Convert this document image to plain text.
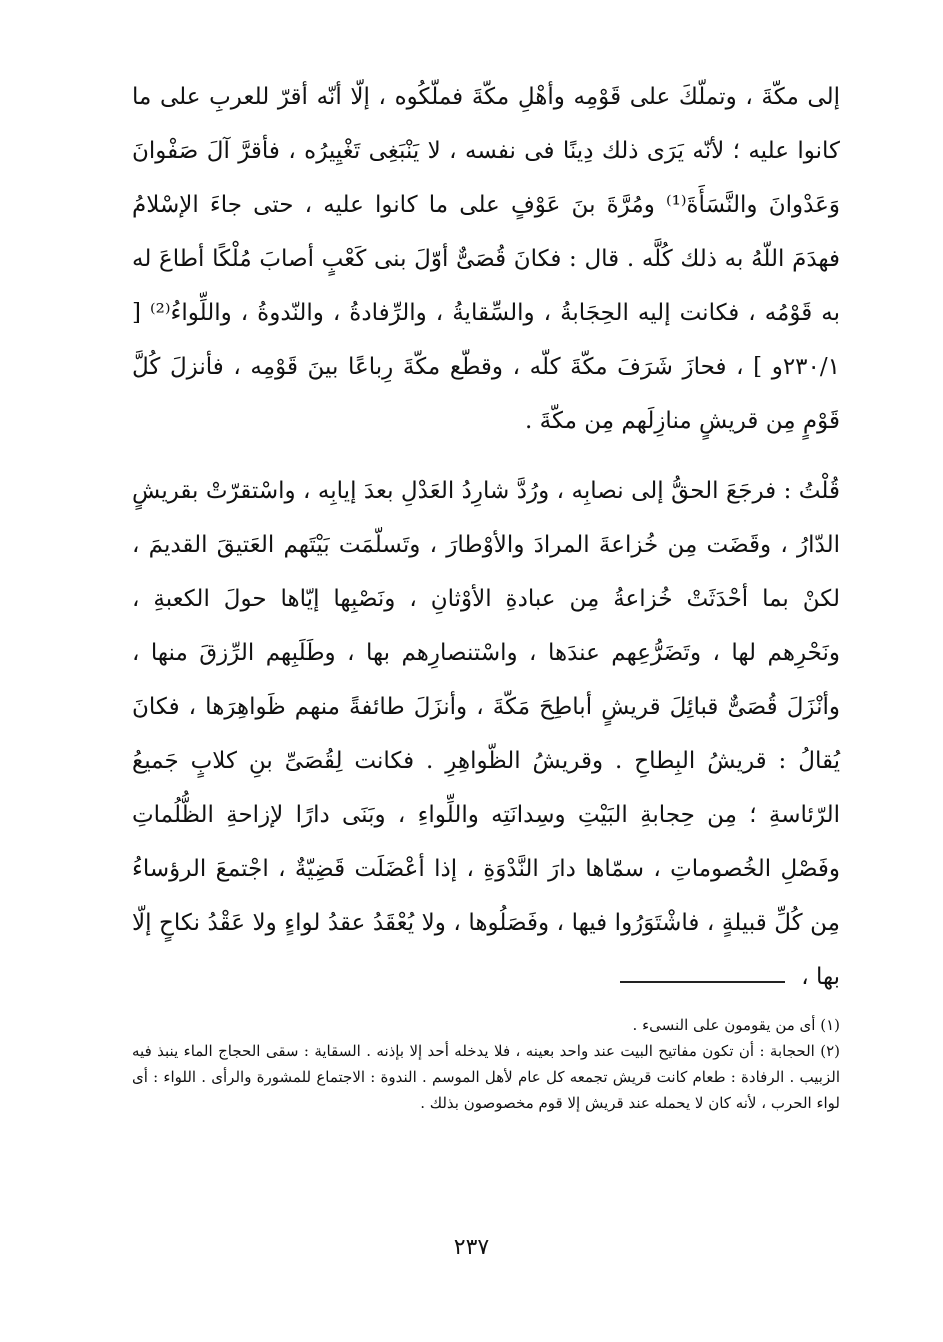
إلى مكّةَ ، وتملّكَ على قَوْمِه وأهْلِ مكّةَ فملّكُوه ، إلّا أنّه أقرّ للعربِ على ما كانوا عليه ؛ لأنّه يَرَى ذلك دِينًا فى نفسه ، لا يَنْبَغِى تَغْيِيرُه ، فأقرَّ آلَ صَفْوانَ وَعَدْوانَ والنَّسَأَةَ⁽¹⁾ ومُرَّةَ بنَ عَوْفٍ على ما كانوا عليه ، حتى جاءَ الإسْلامُ فهدَمَ اللّهُ به ذلك كُلَّه . قال : فكانَ قُصَىٌّ أوّلَ بنى كَعْبٍ أصابَ مُلْكًا أطاعَ له به قَوْمُه ، فكانت إليه الحِجَابةُ ، والسِّقايةُ ، والرِّفادةُ ، والنّدوةُ ، واللِّواءُ⁽²⁾ [ ٢٣٠/١و ] ، فحازَ شَرَفَ مكّةَ كلّه ، وقطّع مكّةَ رِباعًا بينَ قَوْمِه ، فأنزلَ كُلَّ قَوْمٍ مِن قريشٍ منازِلَهم مِن مكّةَ .

قُلْتُ : فرجَعَ الحقُّ إلى نصابِه ، ورُدَّ شارِدُ العَدْلِ بعدَ إيابِه ، واسْتقرّتْ بقريشٍ الدّارُ ، وقَضَت مِن خُزاعةَ المرادَ والأوْطارَ ، وتَسلّمَت بَيْتَهم العَتيقَ القديمَ ، لكنْ بما أحْدَثَتْ خُزاعةُ مِن عبادةِ الأوْثانِ ، ونَصْبِها إيّاها حولَ الكعبةِ ، ونَحْرِهم لها ، وتَضَرُّعِهم عندَها ، واسْتنصارِهم بها ، وطَلَبِهم الرِّزقَ منها ، وأنْزَلَ قُصَىٌّ قبائِلَ قريشٍ أباطِحَ مَكّةَ ، وأنزَلَ طائفةً منهم ظَواهِرَها ، فكانَ يُقالُ : قريشُ البِطاحِ . وقريشُ الظّواهِرِ . فكانت لِقُصَىِّ بنِ كلابٍ جَميعُ الرّئاسةِ ؛ مِن حِجابةِ البَيْتِ وسِدانَتِه واللِّواءِ ، وبَنَى دارًا لإزاحةِ الظُّلُماتِ وفَصْلِ الخُصوماتِ ، سمّاها دارَ النَّدْوَةِ ، إذا أعْضَلَت قَضِيّةٌ ، اجْتمعَ الرؤساءُ مِن كُلِّ قبيلةٍ ، فاشْتَوَرُوا فيها ، وفَصَلُوها ، ولا يُعْقَدُ عقدُ لواءٍ ولا عَقْدُ نكاحٍ إلّا بها ،

(١) أى من يقومون على النسىء .

(٢) الحجابة : أن تكون مفاتيح البيت عند واحد بعينه ، فلا يدخله أحد إلا بإذنه . السقاية : سقى الحجاج الماء ينبذ فيه الزبيب . الرفادة : طعام كانت قريش تجمعه كل عام لأهل الموسم . الندوة : الاجتماع للمشورة والرأى . اللواء : أى لواء الحرب ، لأنه كان لا يحمله عند قريش إلا قوم مخصوصون بذلك .

٢٣٧
